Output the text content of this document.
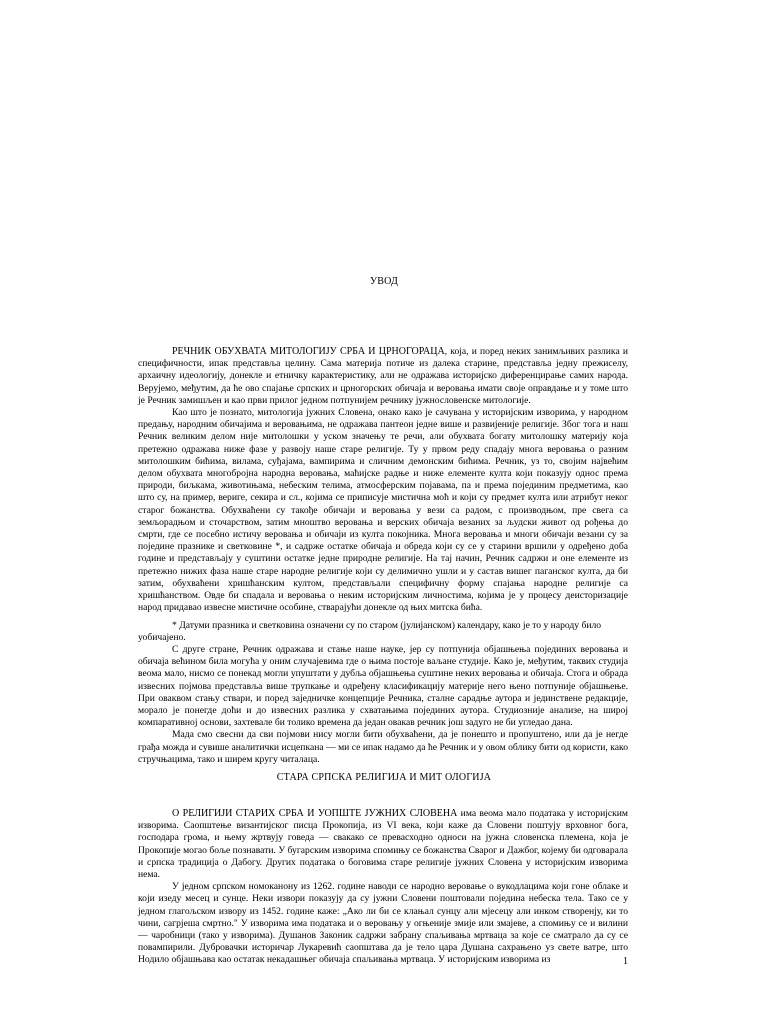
УВОД

РЕЧНИК ОБУХВАТА МИТОЛОГИЈУ СРБА И ЦРНОГОРАЦА, која, и поред неких занимљивих разлика и специфичности, ипак представља целину. Сама материја потиче из далека старине, представља једну прежиселу, архаичну идеологију, донекле и етничку карактеристику, али не одражава историјско диференцирање самих народа. Верујемо, међутим, да ће ово спајање српских и црногорских обичаја и веровања имати своје оправдање и у томе што је Речник замишљен и као први прилог једном потпунијем речнику јужнословенске митологије.

Као што је познато, митологија јужних Словена, онако како је сачувана у историјским изворима, у народном предању, народним обичајима и веровањима, не одражава пантеон једне више и развијеније религије. Због тога и наш Речник великим делом није митолошки у уском значењу те речи, али обухвата богату митолошку материју која претежно одражава ниже фазе у развоју наше старе религије. Ту у првом реду спадају многа веровања о разним митолошким бићима, вилама, суђајама, вампирима и сличним демонским бићима. Речник, уз то, својим највећим делом обухвата многобројна народна веровања, маћијске радње и ниже елементе култа који показују однос према природи, биљкама, животињама, небеским телима, атмосферским појавама, па и према појединим предметима, као што су, на пример, вериге, секира и сл., којима се приписује мистична моћ и који су предмет култа или атрибут неког старог божанства. Обухваћени су такође обичаји и веровања у вези са радом, с производњом, пре свега са земљорадњом и сточарством, затим мноштво веровања и верских обичаја везаних за људски живот од рођења до смрти, где се посебно истичу веровања и обичаји из култа покојника. Многа веровања и многи обичаји везани су за поједине празнике и светковине *, и садрже остатке обичаја и обреда који су се у старини вршили у одређено доба године и представљају у суштини остатке једне природне религије. На тај начин, Речник садржи и оне елементе из претежно нижих фаза наше старе народне религије који су делимично ушли и у састав вишег паганског култа, да би затим, обухваћени хришћанским култом, представљали специфичну форму спајања народне религије са хришћанством. Овде би спадала и веровања о неким историјским личностима, којима је у процесу деисторизације народ придавао извесне мистичне особине, стварајући донекле од њих митска бића.

* Датуми празника и светковина означени су по старом (јулијанском) календару, како је то у народу било уобичајено.

С друге стране, Речник одражава и стање наше науке, јер су потпунија објашњења појединих веровања и обичаја већином била могућа у оним случајевима где о њима постоје ваљане студије. Како је, међутим, таквих студија веома мало, нисмо се понекад могли упуштати у дубља објашњења суштине неких веровања и обичаја. Стога и обрада извесних појмова представља више трупкање и одређену класификацију материје него њено потпуније објашњење. При оваквом стању ствари, и поред заједничке концепције Речника, сталне сарадње аутора и јединствене редакције, морало је понегде доћи и до извесних разлика у схватањима појединих аутора. Студиозније анализе, на широј компаративној основи, захтевале би толико времена да један овакав речник још задуго не би угледао дана.

Мада смо свесни да сви појмови нису могли бити обухваћени, да је понешто и пропуштено, или да је негде грађа можда и сувише аналитички исцепкана — ми се ипак надамо да ће Речник и у овом облику бити од користи, како стручњацима, тако и ширем кругу читалаца.

СТАРА СРПСКА РЕЛИГИЈА И МИТ ОЛОГИЈА

О РЕЛИГИЈИ СТАРИХ СРБА И УОПШТЕ ЈУЖНИХ СЛОВЕНА има веома мало података у историјским изворима. Саопштење византијског писца Прокопија, из VI века, који каже да Словени поштују врховног бога, господара грома, и њему жртвују говеда — свакако се превасходно односи на јужна словенска племена, која је Прокопије могао боље познавати. У бугарским изворима спомињу се божанства Сварог и Дажбог, којему би одговарала и српска традиција о Дабогу. Других података о боговима старе религије јужних Словена у историјским изворима нема.

У једном српском номоканону из 1262. године наводи се народно веровање о вукодлацима који гоне облаке и који изеду месец и сунце. Неки извори показују да су јужни Словени поштовали поједина небеска тела. Тако се у једном глагољском извору из 1452. године каже: „Ако ли би се клањал сунцу али мјесецу али инком створенју, ки то чини, сагрјеша смртно." У изворима има података и о веровању у огњеније змије или змајеве, а спомињу се и вилини — чаробници (тако у изворима). Душанов Законик садржи забрану спаљивања мртваца за које се сматрало да су се повампирили. Дубровачки историчар Лукаревић саопштава да је тело цара Душана сахрањено уз свете ватре, што Нодило објашњава као остатак некадашњег обичаја спаљивања мртваца. У историјским изворима из	1
